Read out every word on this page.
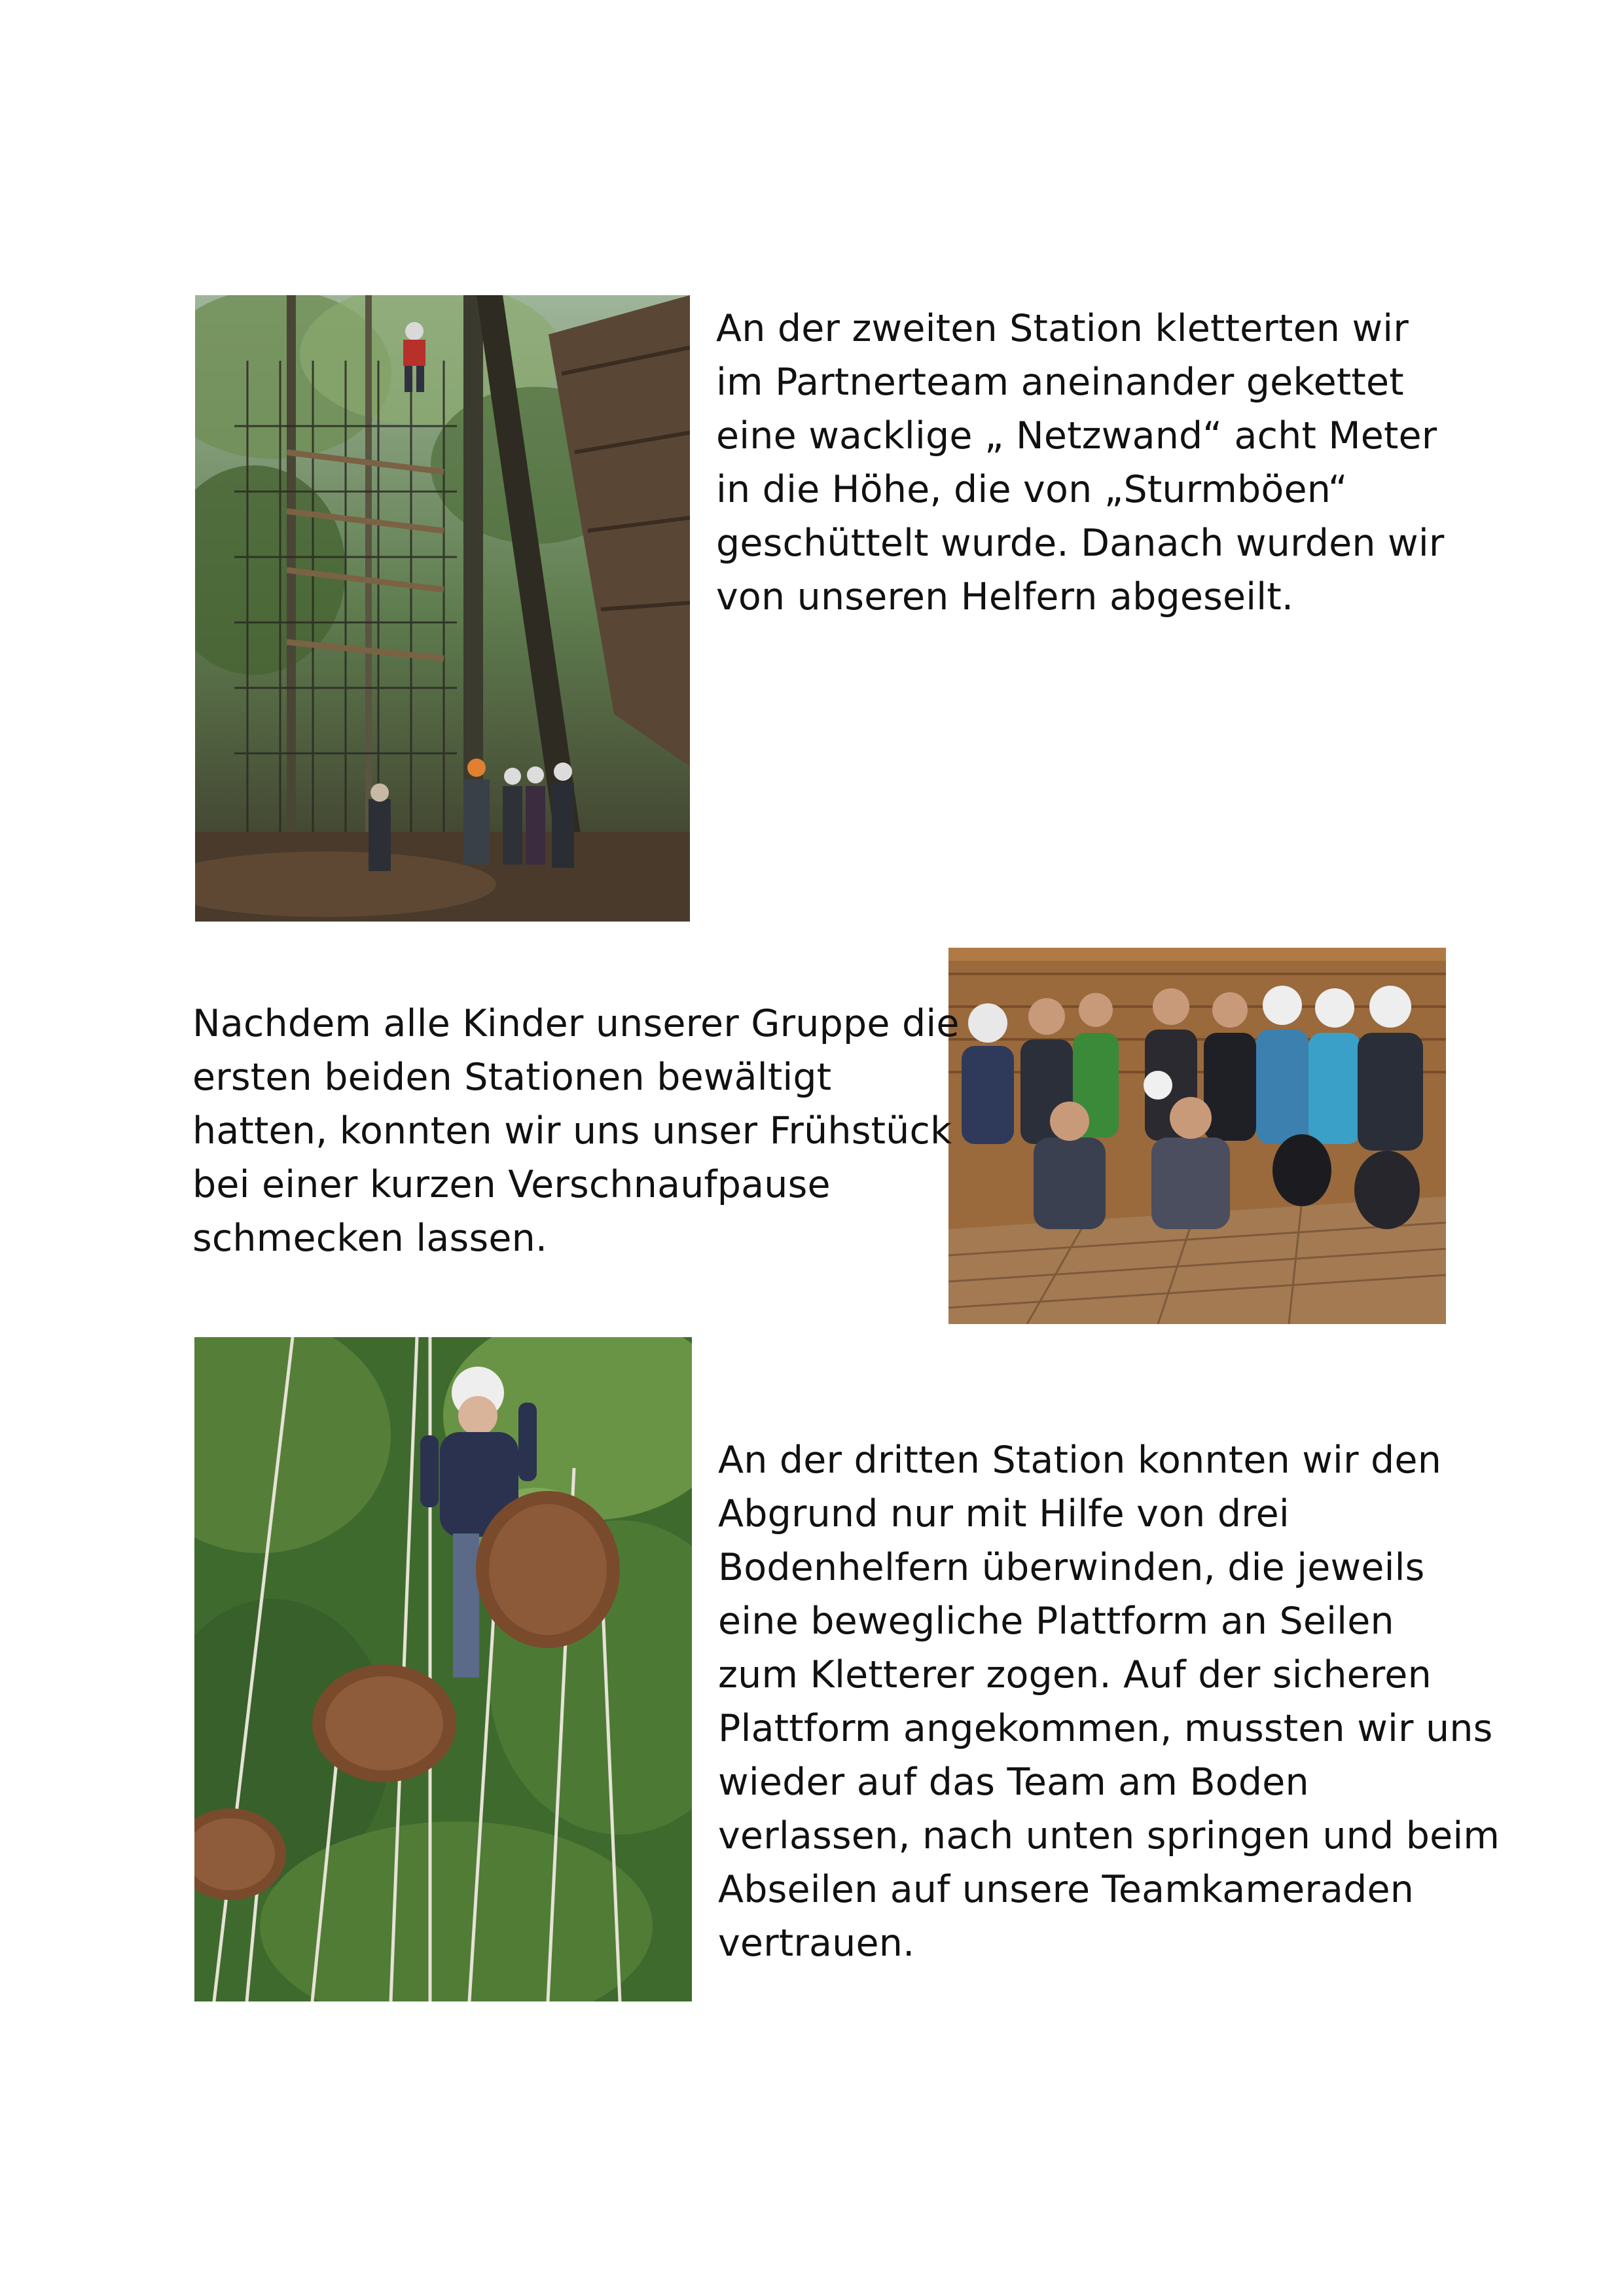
An der zweiten Station kletterten wir
im Partnerteam aneinander gekettet
eine wacklige „ Netzwand“ acht Meter
in die Höhe, die von „Sturmböen“
geschüttelt wurde. Danach wurden wir
von unseren Helfern abgeseilt.

Nachdem alle Kinder unserer Gruppe die
ersten beiden Stationen bewältigt
hatten, konnten wir uns unser Frühstück
bei einer kurzen Verschnaufpause
schmecken lassen.

An der dritten Station konnten wir den
Abgrund nur mit Hilfe von drei
Bodenhelfern überwinden, die jeweils
eine bewegliche Plattform an Seilen
zum Kletterer zogen. Auf der sicheren
Plattform angekommen, mussten wir uns
wieder auf das Team am Boden
verlassen, nach unten springen und beim
Abseilen auf unsere Teamkameraden
vertrauen.
